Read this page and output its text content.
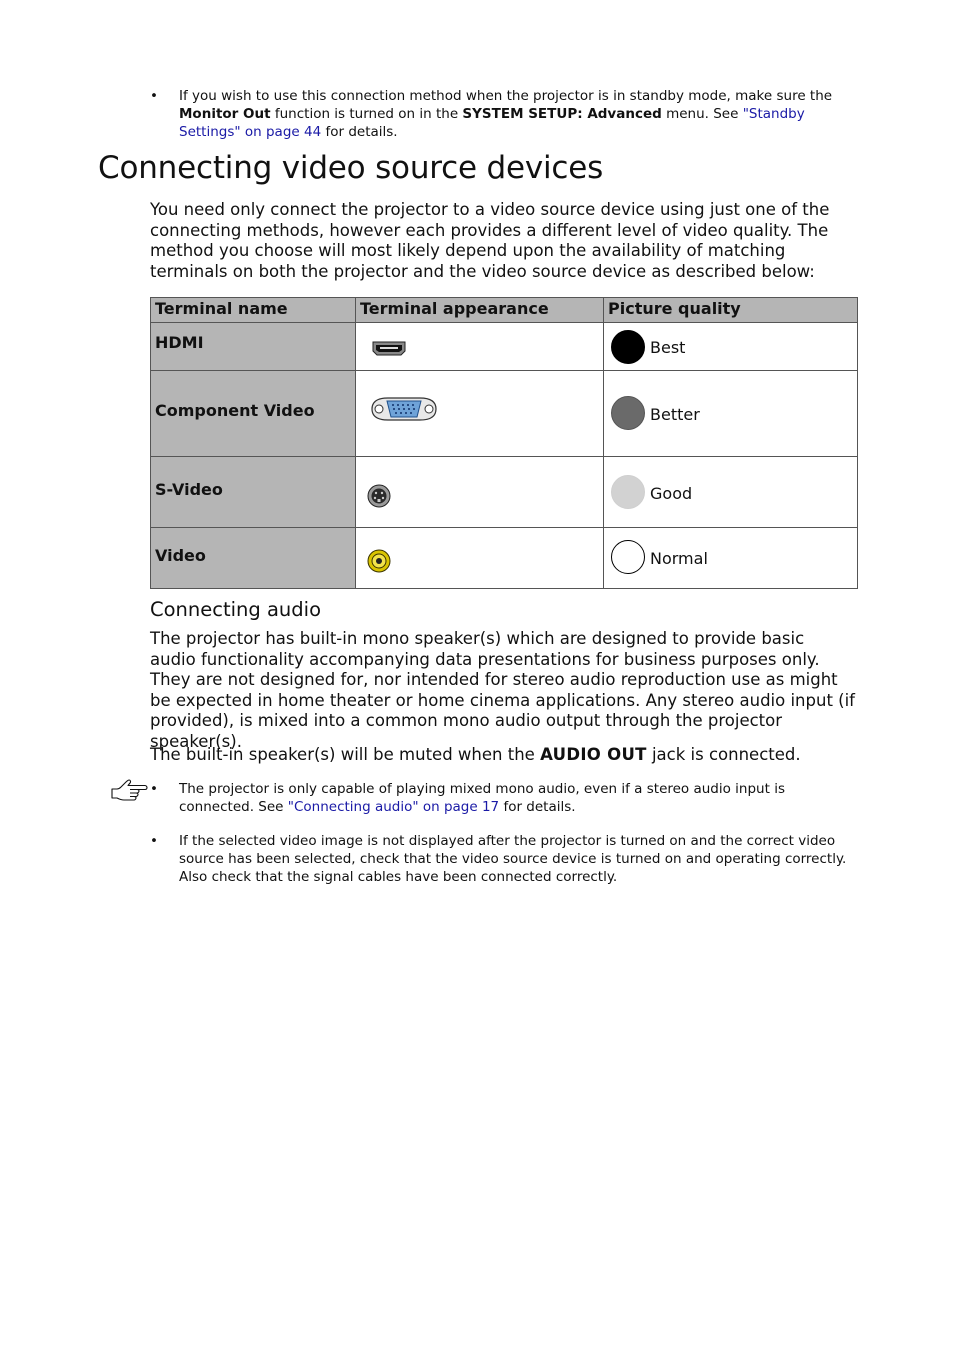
• If you wish to use this connection method when the projector is in standby mode, make sure the Monitor Out function is turned on in the SYSTEM SETUP: Advanced menu. See "Standby Settings" on page 44 for details.
Connecting video source devices

You need only connect the projector to a video source device using just one of the connecting methods, however each provides a different level of video quality. The method you choose will most likely depend upon the availability of matching terminals on both the projector and the video source device as described below:

Terminal name	Terminal appearance	Picture quality
HDMI		Best

Component Video		Better

S-Video		Good

Video		Normal
Connecting audio

The projector has built-in mono speaker(s) which are designed to provide basic audio functionality accompanying data presentations for business purposes only. They are not designed for, nor intended for stereo audio reproduction use as might be expected in home theater or home cinema applications. Any stereo audio input (if provided), is mixed into a common mono audio output through the projector speaker(s).

The built-in speaker(s) will be muted when the AUDIO OUT jack is connected.

• The projector is only capable of playing mixed mono audio, even if a stereo audio input is connected. See "Connecting audio" on page 17 for details.
• If the selected video image is not displayed after the projector is turned on and the correct video source has been selected, check that the video source device is turned on and operating correctly. Also check that the signal cables have been connected correctly.
